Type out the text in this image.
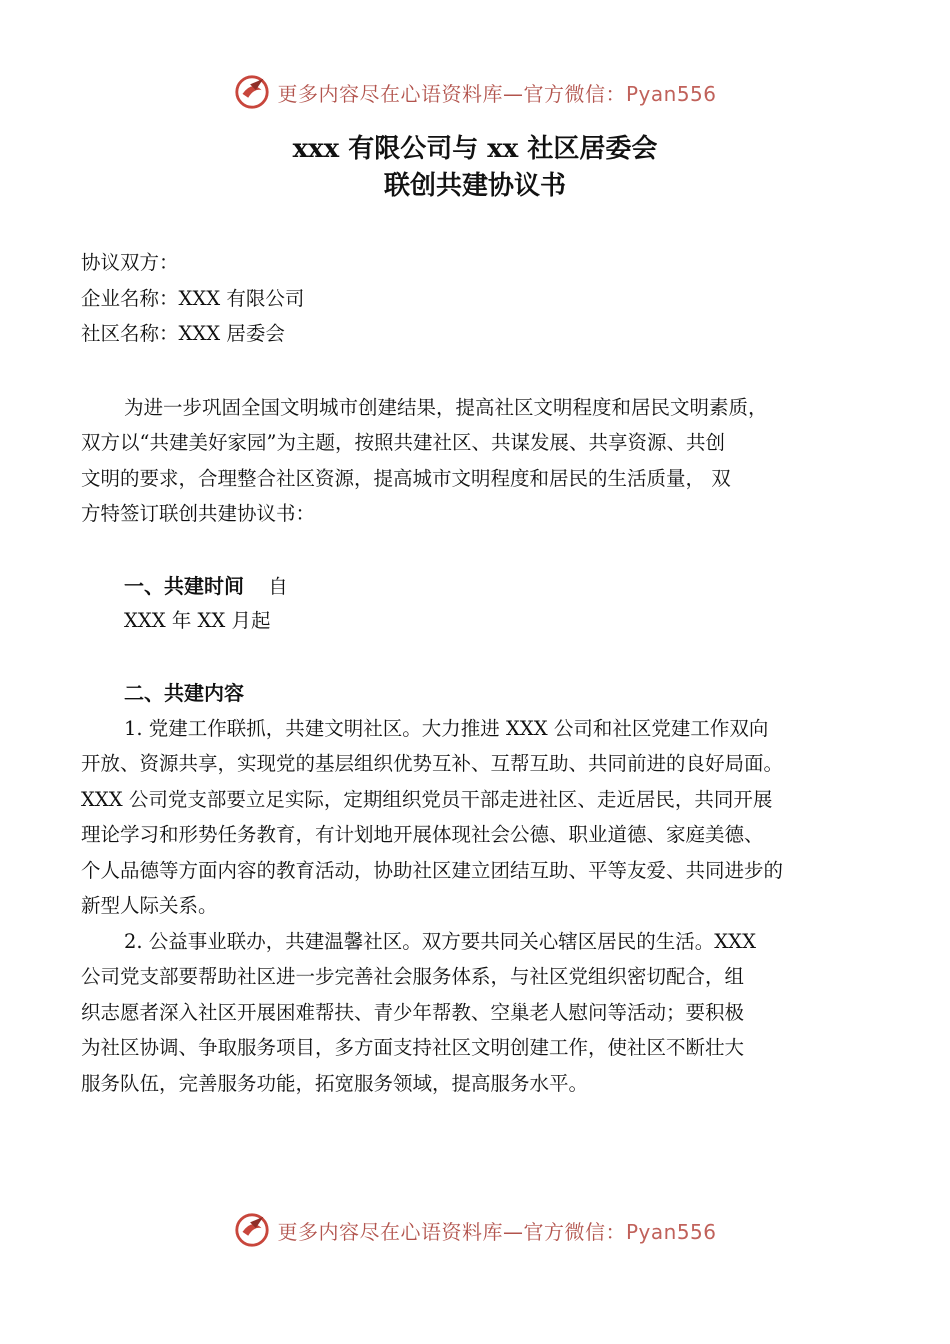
更多内容尽在心语资料库—官方微信：Pyan556
xxx 有限公司与 xx 社区居委会
联创共建协议书
协议双方：
企业名称：XXX 有限公司
社区名称：XXX 居委会
为进一步巩固全国文明城市创建结果，提高社区文明程度和居民文明素质，
双方以“共建美好家园”为主题，按照共建社区、共谋发展、共享资源、共创
文明的要求，合理整合社区资源，提高城市文明程度和居民的生活质量， 双
方特签订联创共建协议书：
一、共建时间 自
XXX 年 XX 月起
二、共建内容
1. 党建工作联抓，共建文明社区。大力推进 XXX 公司和社区党建工作双向
开放、资源共享，实现党的基层组织优势互补、互帮互助、共同前进的良好局面。
XXX 公司党支部要立足实际，定期组织党员干部走进社区、走近居民，共同开展
理论学习和形势任务教育，有计划地开展体现社会公德、职业道德、家庭美德、
个人品德等方面内容的教育活动，协助社区建立团结互助、平等友爱、共同进步的
新型人际关系。
2. 公益事业联办，共建温馨社区。双方要共同关心辖区居民的生活。XXX
公司党支部要帮助社区进一步完善社会服务体系，与社区党组织密切配合，组
织志愿者深入社区开展困难帮扶、青少年帮教、空巢老人慰问等活动；要积极
为社区协调、争取服务项目，多方面支持社区文明创建工作，使社区不断壮大
服务队伍，完善服务功能，拓宽服务领域，提高服务水平。
更多内容尽在心语资料库—官方微信：Pyan556
